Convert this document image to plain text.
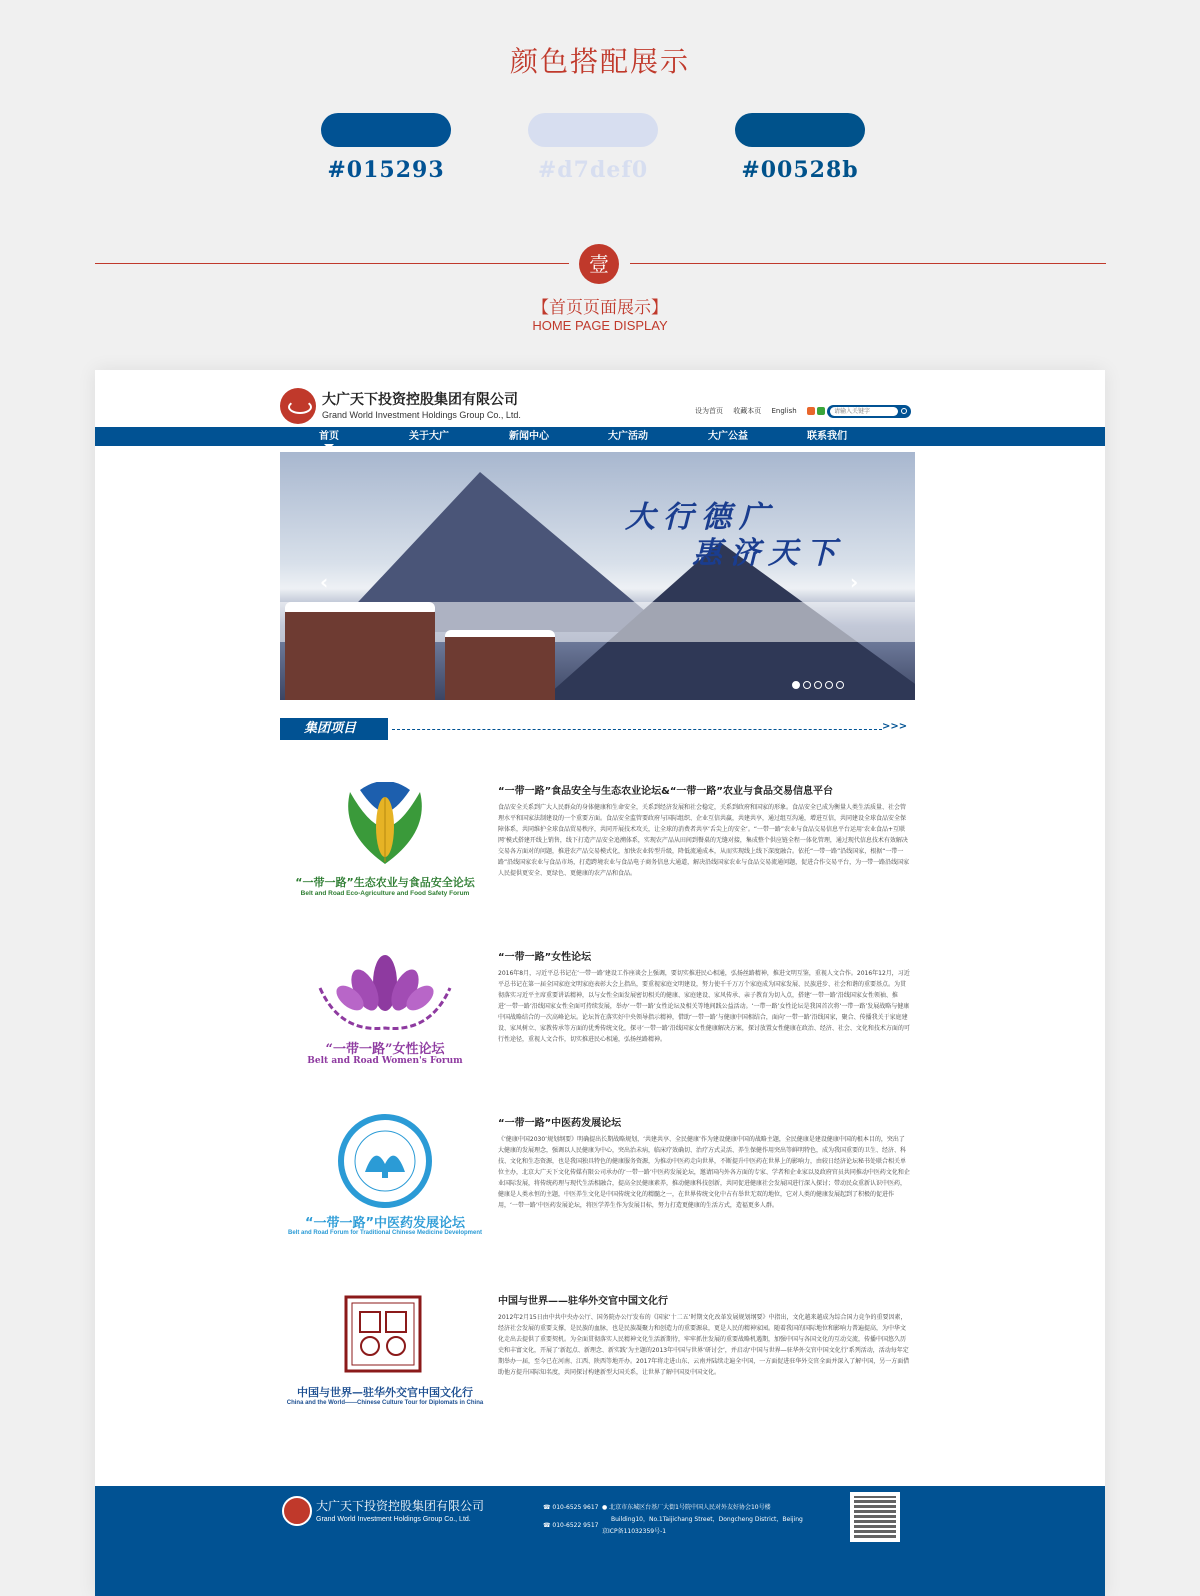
颜色搭配展示
#015293	#d7def0	#00528b
壹
【首页页面展示】
HOME PAGE DISPLAY
大广天下投资控股集团有限公司
Grand World Investment Holdings Group Co., Ltd.	设为首页 收藏本页 English
请输入关键字
首页	关于大广	新闻中心	大广活动	大广公益	联系我们
大行德广
惠济天下
‹	›
集团项目	>>>
“一带一路”生态农业与食品安全论坛
Belt and Road Eco-Agriculture and Food Safety Forum
“一带一路”食品安全与生态农业论坛&“一带一路”农业与食品交易信息平台
食品安全关系到广大人民群众的身体健康和生命安全，关系到经济发展和社会稳定，关系到政府和国家的形象。食品安全已成为衡量人类生活质量、社会管理水平和国家法制建设的一个重要方面。食品安全监管要政府与国际组织、企业互信共赢，共建共享，通过组互沟通，增进互信，共同建设全球食品安全保障体系，共同维护全球食品贸易秩序，共同开展技术攻关，让全球的消费者共享‘舌尖上的安全’。“一带一路”农业与食品交易信息平台运用‘农业食品+互联网’模式搭建开线上销售，线下打造产品安全追溯体系，实现农产品从田间到餐桌的无缝对接，集成整个供应链全程一体化管理，通过现代信息技术有效解决交易各方面对的问题，推进农产品交易模式化，加快农业转型升级，降低流通成本，从而实现线上线下深度融合。依托“一带一路”沿线国家，根据“一带一路”沿线国家农业与食品市场，打造跨境农业与食品电子商务信息大通道，解决沿线国家农业与食品交易流通问题，促进合作交易平台，为一带一路沿线国家人民提供更安全、更绿色、更健康的农产品和食品。
“一带一路”女性论坛
Belt and Road Women's Forum
“一带一路”女性论坛
2016年8月，习近平总书记在‘一带一路’建设工作座谈会上强调，要切实推进民心相通，弘扬丝路精神，推进文明互鉴，重视人文合作。2016年12月，习近平总书记在第一届全国家庭文明家庭表彰大会上指出，要重视家庭文明建设，努力使千千万万个家庭成为国家发展、民族进步、社会和谐的重要基点。为贯彻落实习近平主席重要讲话精神，以与女性全面发展密切相关的健康、家庭建设、家风传承、亲子教育为切入点，搭建‘一带一路’沿线国家女性领袖、推进‘一带一路’沿线国家女性全面可持续发展，举办‘一带一路’女性论坛及相关等地间践公益活动。‘一带一路’女性论坛是我国首次将‘一带一路’发展战略与健康中国战略结合的一次高峰论坛。论坛旨在落实好中央领导指示精神，借助‘一带一路’与健康中国相结合，面向‘一带一路’沿线国家，聚合、传播我关于家庭建设、家风树立、家教传承等方面的优秀传统文化，探寻‘一带一路’沿线国家女性健康解决方案，探讨放置女性健康在政治、经济、社会、文化和技术方面的可行性途径，重视人文合作，切实推进民心相通，弘扬丝路精神。
“一带一路”中医药发展论坛
Belt and Road Forum for Traditional Chinese Medicine Development
“一带一路”中医药发展论坛
《‘健康中国2030’规划纲要》明确提出长期战略规划，‘共建共享、全民健康’作为建设健康中国的战略主题，全民健康是建设健康中国的根本目的，突出了大健康的发展理念，强调以人民健康为中心，突出治未病，临床疗效确切、治疗方式灵活、养生保健作用突出等鲜明特色，成为我国重要的卫生、经济、科技、文化和生态资源，也是我国独具特色的健康服务资源，为推动中医药走向世界，不断提升中医药在世界上的影响力，由较日经济论坛秘书处联合相关单位主办，北京大广天下文化传媒有限公司承办的‘一带一路’中医药发展论坛，邀请国内外各方面的专家、学者和企业家以及政府官员共同推动中医药文化和企业国际发展，将传统药理与现代生活相融合，提高全民健康素养，推动健康科技创新，共同促进健康社会发展国进行深入探讨；带动民众重新认识中医药，健康是人类永恒的主题，中医养生文化是中国传统文化的精髓之一，在世界传统文化中占有举世无双的地位，它对人类的健康发展起到了积极的促进作用，‘一带一路’中医药发展论坛，将医学养生作为发展目标，努力打造更健康的生活方式，造福更多人群。
中国与世界—驻华外交官中国文化行
China and the World——Chinese Culture Tour for Diplomats in China
中国与世界——驻华外交官中国文化行
2012年2月15日由中共中央办公厅、国务院办公厅发布的《国家‘十二五’时期文化改革发展规划纲要》中指出，文化越来越成为综合国力竞争的重要因素，经济社会发展的重要支撑，是民族的血脉，也是民族凝聚力和创造力的重要源泉，更是人民的精神家园。随着我国的国际地位和影响力普遍提高，为中华文化走出去提供了重要契机。为全面贯彻落实人民精神文化生活新期待，牢牢抓住发展的重要战略机遇期，加强中国与各国文化的互动交流，传播中国悠久历史和丰富文化，开展了‘新起点、新理念、新实践’为主题的2013年中国与世界‘研讨会’，并启动‘中国与世界—驻华外交官中国文化行’系列活动，活动每年定期举办一届，至今已在河南、江西、陕西等地开办。2017年将走进山东、云南并陆续走遍全中国，一方面促进驻华外交官全面并深入了解中国，另一方面借助他方提升国际知名度，共同探讨构建新型大国关系，让世界了解中国及中国文化。
大广天下投资控股集团有限公司
Grand World Investment Holdings Group Co., Ltd.
☎ 010-6525 9617
☎ 010-6522 9517
● 北京市东城区台基厂大街1号院中国人民对外友好协会10号楼
Building10，No.1Taijichang Street，Dongcheng District，Beijing
京ICP备11032359号-1
